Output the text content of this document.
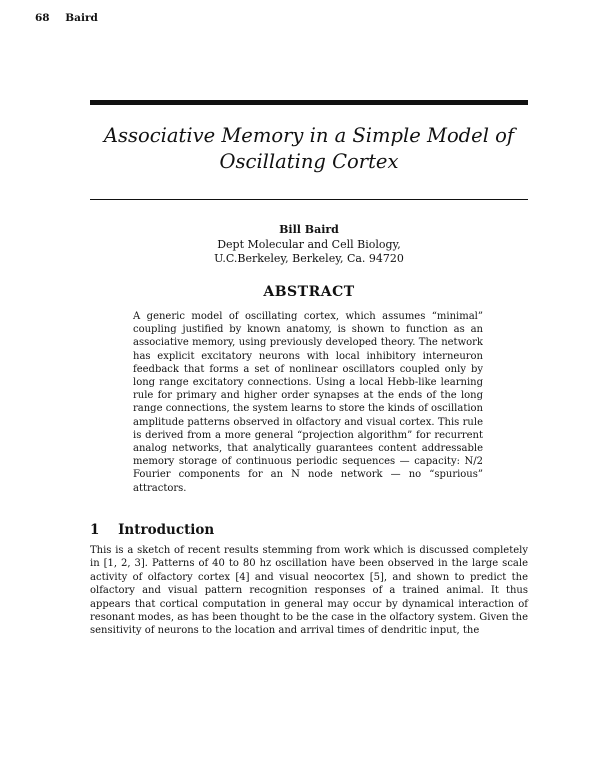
68 Baird
Associative Memory in a Simple Model of
Oscillating Cortex
Bill Baird
Dept Molecular and Cell Biology,
U.C.Berkeley, Berkeley, Ca. 94720
ABSTRACT
A generic model of oscillating cortex, which assumes “minimal” coupling justified by known anatomy, is shown to function as an associative memory, using previously developed theory. The network has explicit excitatory neurons with local inhibitory interneuron feedback that forms a set of nonlinear oscillators coupled only by long range excitatory connections. Using a local Hebb-like learning rule for primary and higher order synapses at the ends of the long range connections, the system learns to store the kinds of oscillation amplitude patterns observed in olfactory and visual cortex. This rule is derived from a more general “projection algorithm” for recurrent analog networks, that analytically guarantees content addressable memory storage of continuous periodic sequences — capacity: N/2 Fourier components for an N node network — no “spurious” attractors.
1 Introduction
This is a sketch of recent results stemming from work which is discussed completely in [1, 2, 3]. Patterns of 40 to 80 hz oscillation have been observed in the large scale activity of olfactory cortex [4] and visual neocortex [5], and shown to predict the olfactory and visual pattern recognition responses of a trained animal. It thus appears that cortical computation in general may occur by dynamical interaction of resonant modes, as has been thought to be the case in the olfactory system. Given the sensitivity of neurons to the location and arrival times of dendritic input, the
